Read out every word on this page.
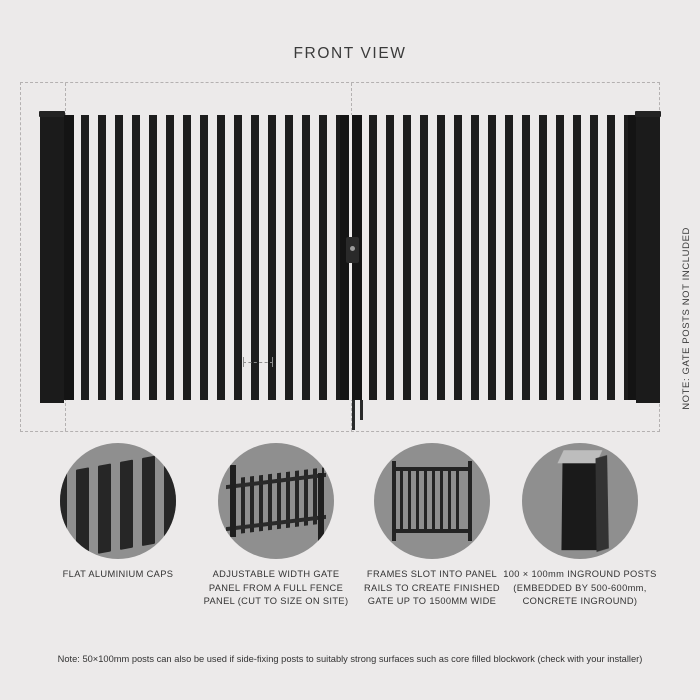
FRONT VIEW
NOTE: GATE POSTS NOT INCLUDED
FLAT ALUMINIUM CAPS	ADJUSTABLE WIDTH GATE PANEL FROM A FULL FENCE PANEL (CUT TO SIZE ON SITE)
FRAMES SLOT INTO PANEL RAILS TO CREATE FINISHED GATE UP TO 1500MM WIDE
100 × 100mm INGROUND POSTS (EMBEDDED BY 500-600mm, CONCRETE INGROUND)
Note: 50×100mm posts can also be used if side-fixing posts to suitably strong surfaces such as core filled blockwork (check with your installer)
